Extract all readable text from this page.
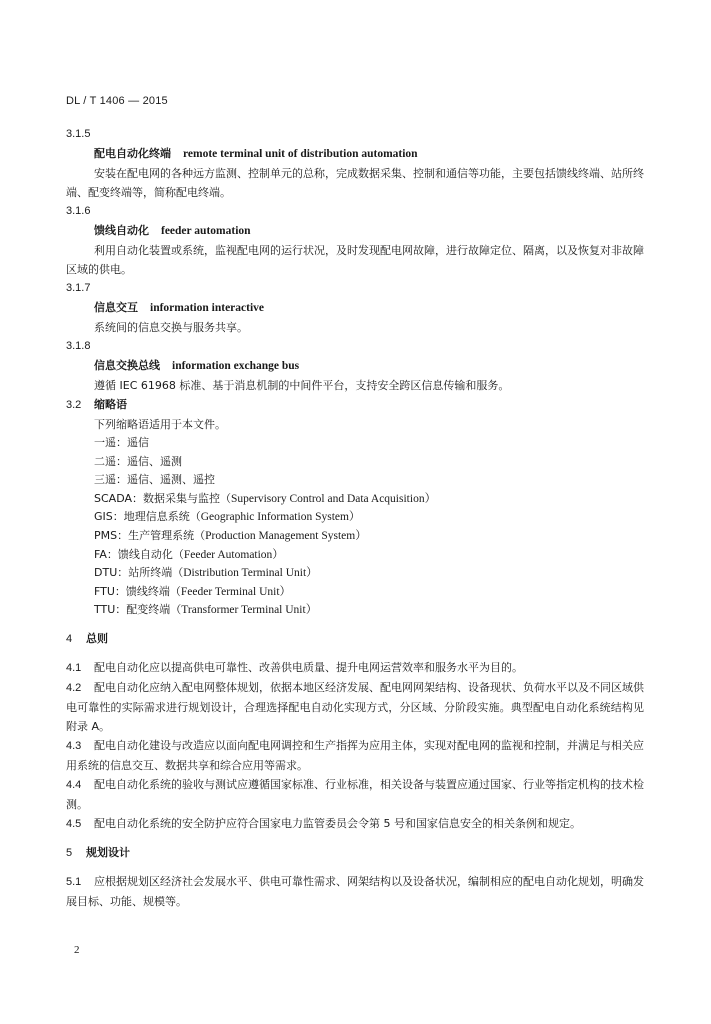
DL / T 1406 — 2015
3.1.5
配电自动化终端 remote terminal unit of distribution automation
安装在配电网的各种远方监测、控制单元的总称，完成数据采集、控制和通信等功能，主要包括馈线终端、站所终端、配变终端等，简称配电终端。
3.1.6
馈线自动化 feeder automation
利用自动化装置或系统，监视配电网的运行状况，及时发现配电网故障，进行故障定位、隔离，以及恢复对非故障区域的供电。
3.1.7
信息交互 information interactive
系统间的信息交换与服务共享。
3.1.8
信息交换总线 information exchange bus
遵循 IEC 61968 标准、基于消息机制的中间件平台，支持安全跨区信息传输和服务。
3.2 缩略语
下列缩略语适用于本文件。
一遥：遥信
二遥：遥信、遥测
三遥：遥信、遥测、遥控
SCADA：数据采集与监控（Supervisory Control and Data Acquisition）
GIS：地理信息系统（Geographic Information System）
PMS：生产管理系统（Production Management System）
FA：馈线自动化（Feeder Automation）
DTU：站所终端（Distribution Terminal Unit）
FTU：馈线终端（Feeder Terminal Unit）
TTU：配变终端（Transformer Terminal Unit）
4 总则
4.1 配电自动化应以提高供电可靠性、改善供电质量、提升电网运营效率和服务水平为目的。
4.2 配电自动化应纳入配电网整体规划，依据本地区经济发展、配电网网架结构、设备现状、负荷水平以及不同区域供电可靠性的实际需求进行规划设计，合理选择配电自动化实现方式，分区域、分阶段实施。典型配电自动化系统结构见附录 A。
4.3 配电自动化建设与改造应以面向配电网调控和生产指挥为应用主体，实现对配电网的监视和控制，并满足与相关应用系统的信息交互、数据共享和综合应用等需求。
4.4 配电自动化系统的验收与测试应遵循国家标准、行业标准，相关设备与装置应通过国家、行业等指定机构的技术检测。
4.5 配电自动化系统的安全防护应符合国家电力监管委员会令第 5 号和国家信息安全的相关条例和规定。
5 规划设计
5.1 应根据规划区经济社会发展水平、供电可靠性需求、网架结构以及设备状况，编制相应的配电自动化规划，明确发展目标、功能、规模等。
2
